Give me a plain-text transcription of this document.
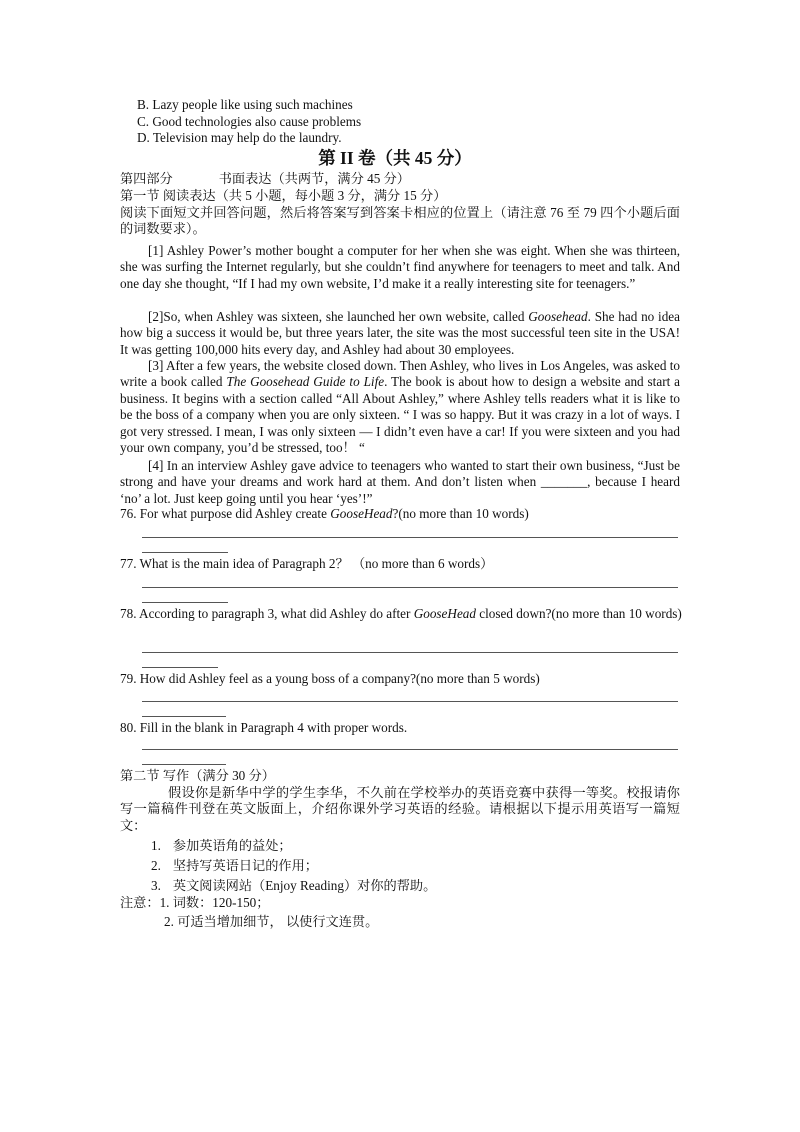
B. Lazy people like using such machines
C. Good technologies also cause problems
D. Television may help do the laundry.
第 II 卷（共 45 分）
第四部分	书面表达（共两节，满分 45 分）
第一节 阅读表达（共 5 小题，每小题 3 分，满分 15 分）
阅读下面短文并回答问题，然后将答案写到答案卡相应的位置上（请注意 76 至 79 四个小题后面的词数要求）。
[1] Ashley Power’s mother bought a computer for her when she was eight. When she was thirteen, she was surfing the Internet regularly, but she couldn’t find anywhere for teenagers to meet and talk. And one day she thought, “If I had my own website, I’d make it a really interesting site for teenagers.”
[2]So, when Ashley was sixteen, she launched her own website, called Goosehead. She had no idea how big a success it would be, but three years later, the site was the most successful teen site in the USA! It was getting 100,000 hits every day, and Ashley had about 30 employees.
[3] After a few years, the website closed down. Then Ashley, who lives in Los Angeles, was asked to write a book called The Goosehead Guide to Life. The book is about how to design a website and start a business. It begins with a section called “All About Ashley,” where Ashley tells readers what it is like to be the boss of a company when you are only sixteen. “ I was so happy. But it was crazy in a lot of ways. I got very stressed. I mean, I was only sixteen — I didn’t even have a car! If you were sixteen and you had your own company, you’d be stressed, too！ “
[4] In an interview Ashley gave advice to teenagers who wanted to start their own business, “Just be strong and have your dreams and work hard at them. And don’t listen when _______, because I heard ‘no’ a lot. Just keep going until you hear ‘yes’!”
76. For what purpose did Ashley create GooseHead?(no more than 10 words)
77. What is the main idea of Paragraph 2？ （no more than 6 words）
78. According to paragraph 3, what did Ashley do after GooseHead closed down?(no more than 10 words)
79. How did Ashley feel as a young boss of a company?(no more than 5 words)
80. Fill in the blank in Paragraph 4 with proper words.
第二节 写作（满分 30 分）
假设你是新华中学的学生李华，不久前在学校举办的英语竞赛中获得一等奖。校报请你写一篇稿件刊登在英文版面上，介绍你课外学习英语的经验。请根据以下提示用英语写一篇短文：
1. 参加英语角的益处；
2. 坚持写英语日记的作用；
3. 英文阅读网站（Enjoy Reading）对你的帮助。
注意：1. 词数：120-150；
2. 可适当增加细节， 以使行文连贯。
